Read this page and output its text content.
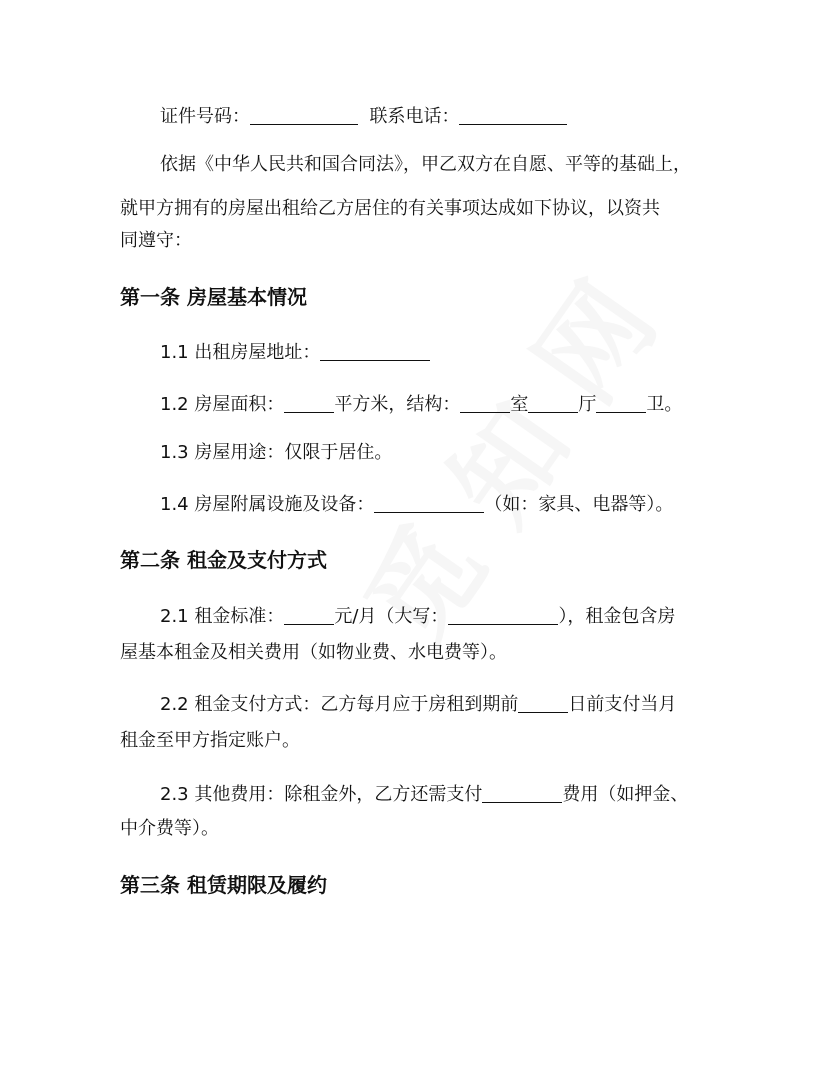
证件号码：	联系电话：
依据《中华人民共和国合同法》，甲乙双方在自愿、平等的基础上，
就甲方拥有的房屋出租给乙方居住的有关事项达成如下协议，以资共
同遵守：
第一条 房屋基本情况
1.1 出租房屋地址：
1.2 房屋面积：	平方米，结构：	室	厅	卫。
1.3 房屋用途：仅限于居住。
1.4 房屋附属设施及设备：	（如：家具、电器等）。
第二条 租金及支付方式
2.1 租金标准：	元/月（大写：	），租金包含房
屋基本租金及相关费用（如物业费、水电费等）。
2.2 租金支付方式：乙方每月应于房租到期前	日前支付当月
租金至甲方指定账户。
2.3 其他费用：除租金外，乙方还需支付	费用（如押金、
中介费等）。
第三条 租赁期限及履约
